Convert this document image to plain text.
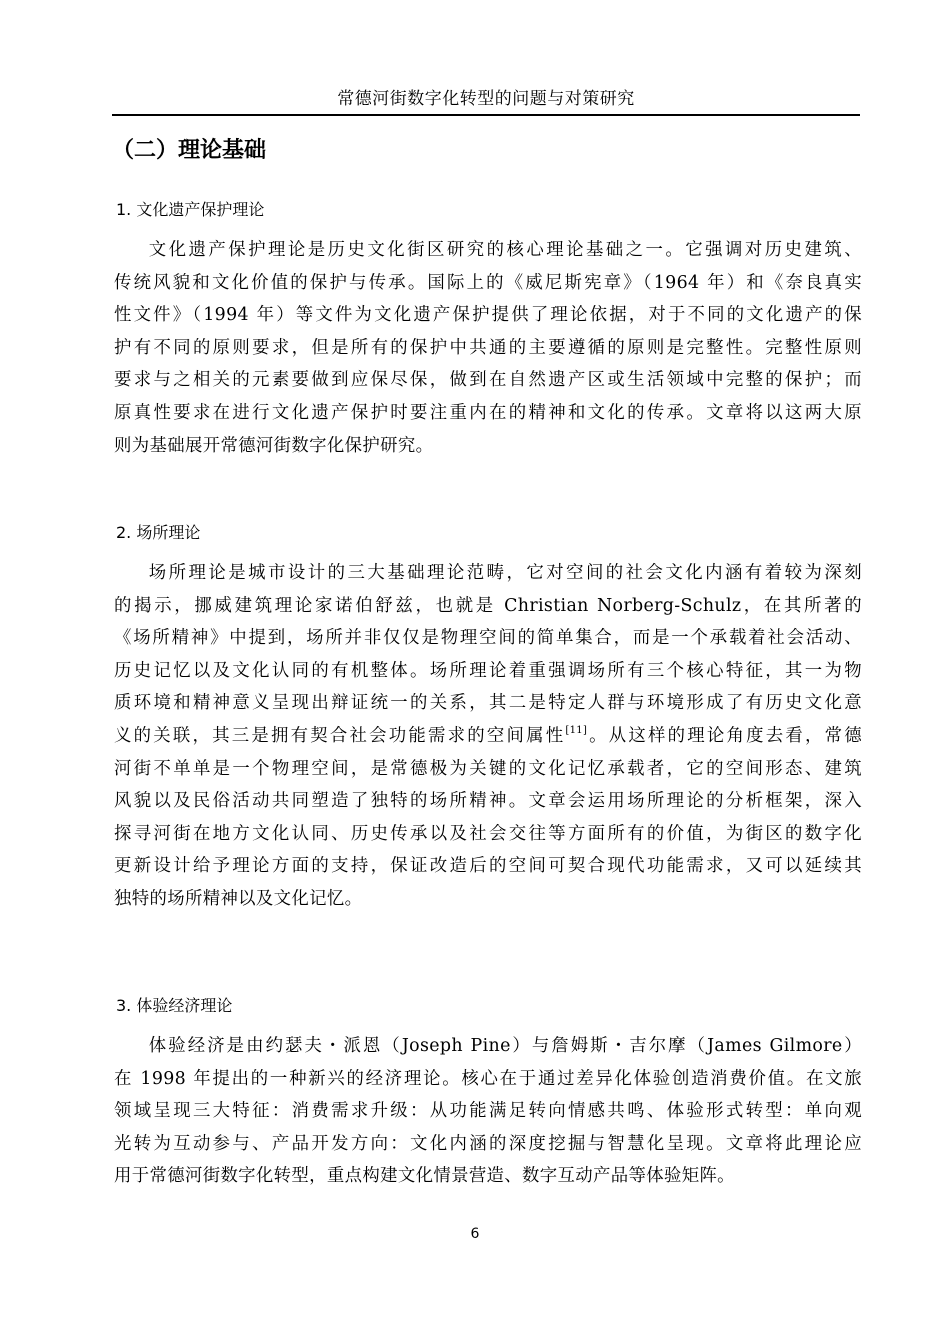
常德河街数字化转型的问题与对策研究
（二）理论基础
1. 文化遗产保护理论
文化遗产保护理论是历史文化街区研究的核心理论基础之一。它强调对历史建筑、
传统风貌和文化价值的保护与传承。国际上的《威尼斯宪章》（1964 年）和《奈良真实
性文件》（1994 年）等文件为文化遗产保护提供了理论依据，对于不同的文化遗产的保
护有不同的原则要求，但是所有的保护中共通的主要遵循的原则是完整性。完整性原则
要求与之相关的元素要做到应保尽保，做到在自然遗产区或生活领域中完整的保护；而
原真性要求在进行文化遗产保护时要注重内在的精神和文化的传承。文章将以这两大原
则为基础展开常德河街数字化保护研究。
2. 场所理论
场所理论是城市设计的三大基础理论范畴，它对空间的社会文化内涵有着较为深刻
的揭示，挪威建筑理论家诺伯舒兹，也就是 Christian Norberg-Schulz，在其所著的
《场所精神》中提到，场所并非仅仅是物理空间的简单集合，而是一个承载着社会活动、
历史记忆以及文化认同的有机整体。场所理论着重强调场所有三个核心特征，其一为物
质环境和精神意义呈现出辩证统一的关系，其二是特定人群与环境形成了有历史文化意
义的关联，其三是拥有契合社会功能需求的空间属性[11]。从这样的理论角度去看，常德
河街不单单是一个物理空间，是常德极为关键的文化记忆承载者，它的空间形态、建筑
风貌以及民俗活动共同塑造了独特的场所精神。文章会运用场所理论的分析框架，深入
探寻河街在地方文化认同、历史传承以及社会交往等方面所有的价值，为街区的数字化
更新设计给予理论方面的支持，保证改造后的空间可契合现代功能需求，又可以延续其
独特的场所精神以及文化记忆。
3. 体验经济理论
体验经济是由约瑟夫・派恩（Joseph Pine）与詹姆斯・吉尔摩（James Gilmore）
在 1998 年提出的一种新兴的经济理论。核心在于通过差异化体验创造消费价值。在文旅
领域呈现三大特征：消费需求升级：从功能满足转向情感共鸣、体验形式转型：单向观
光转为互动参与、产品开发方向：文化内涵的深度挖掘与智慧化呈现。文章将此理论应
用于常德河街数字化转型，重点构建文化情景营造、数字互动产品等体验矩阵。
6
